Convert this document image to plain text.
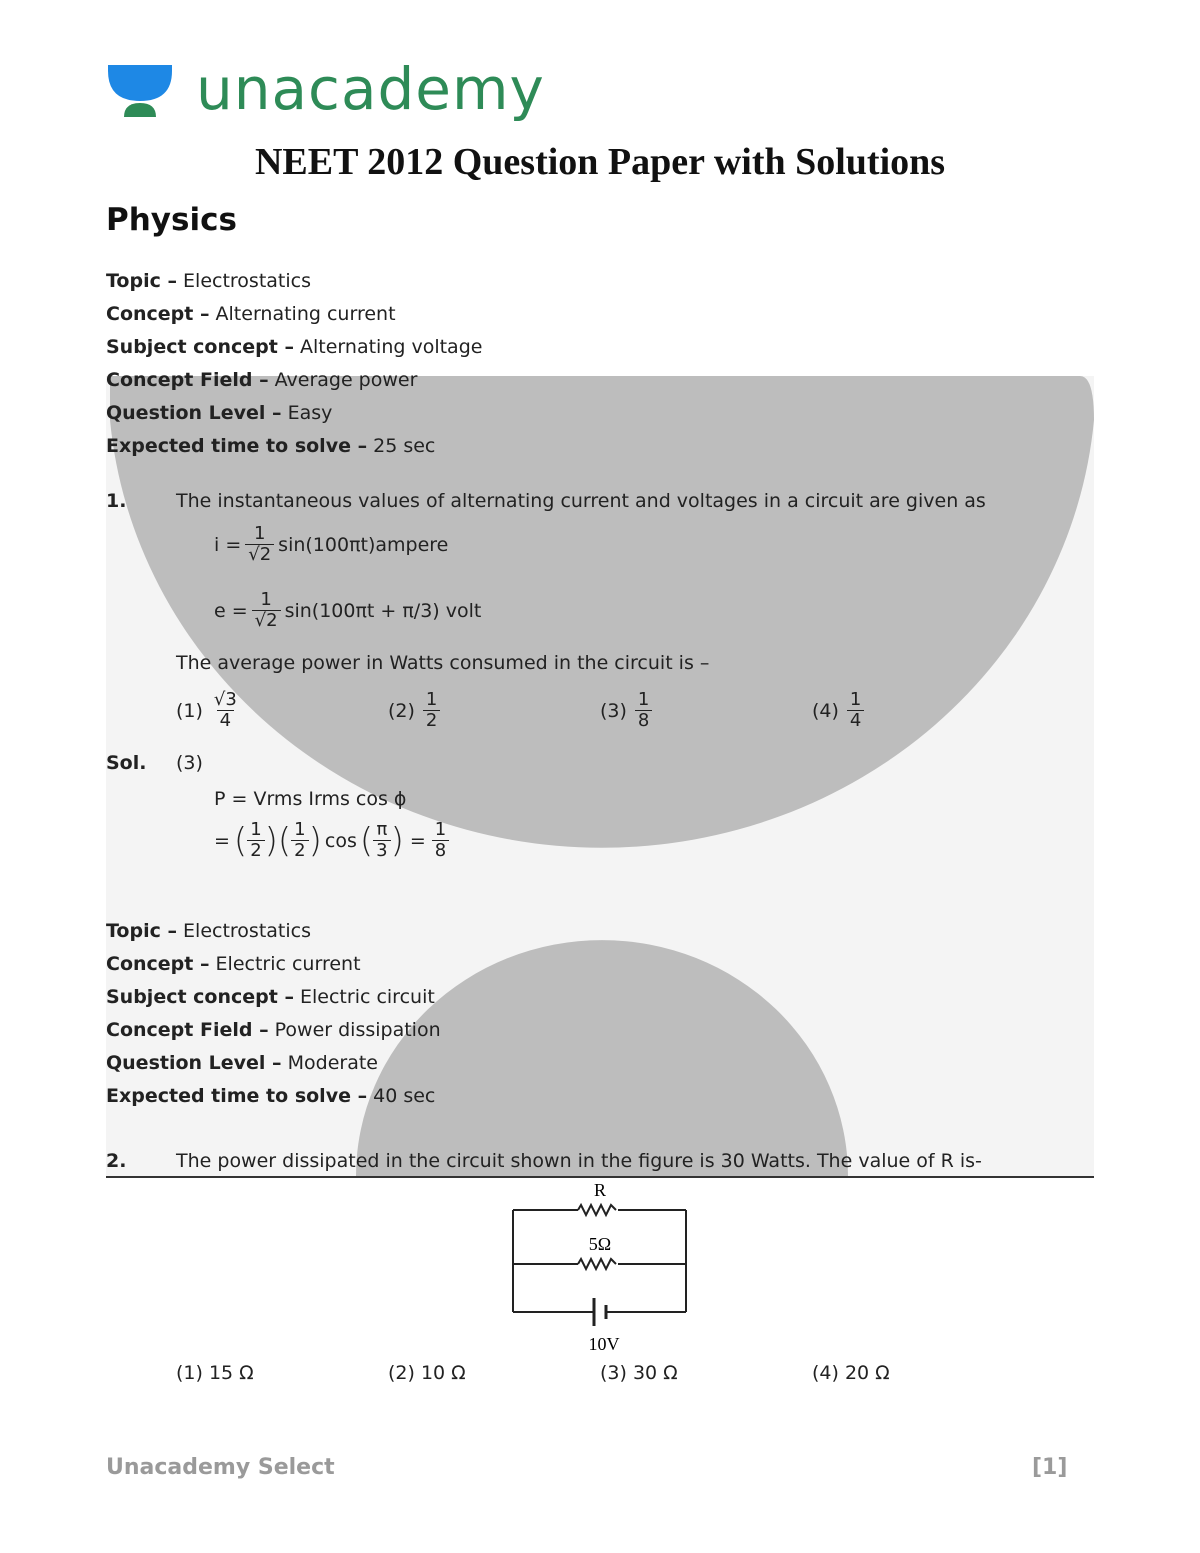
unacademy
NEET 2012 Question Paper with Solutions
Physics
Topic – Electrostatics
Concept – Alternating current
Subject concept – Alternating voltage
Concept Field – Average power
Question Level – Easy
Expected time to solve – 25 sec
1.	The instantaneous values of alternating current and voltages in a circuit are given as
$i = \frac{1}{√2}$ sin(100πt)ampere
$e = \frac{1}{√2} \sin(100\pi t + \pi/3)$ volt
The average power in Watts consumed in the circuit is –
$(1) \frac{√3}{4}$	$(2) \frac{1}{2}$	$(3) \frac{1}{8}$	$(4) \frac{1}{4}$
Sol. (3)
P = Vrms Irms cos ϕ
= ( $\frac{1}{2}$ ) ( $\frac{1}{2}$ ) cos ( $\frac{\pi}{3}$ ) = $\frac{1}{8}$
Topic – Electrostatics
Concept – Electric current
Subject concept – Electric circuit
Concept Field – Power dissipation
Question Level – Moderate
Expected time to solve – 40 sec
2.	The power dissipated in the circuit shown in the figure is 30 Watts. The value of R is-
R
5Ω
10V
(1) 15 Ω	(2) 10 Ω	(3) 30 Ω	(4) 20 Ω
Unacademy Select	[1]
